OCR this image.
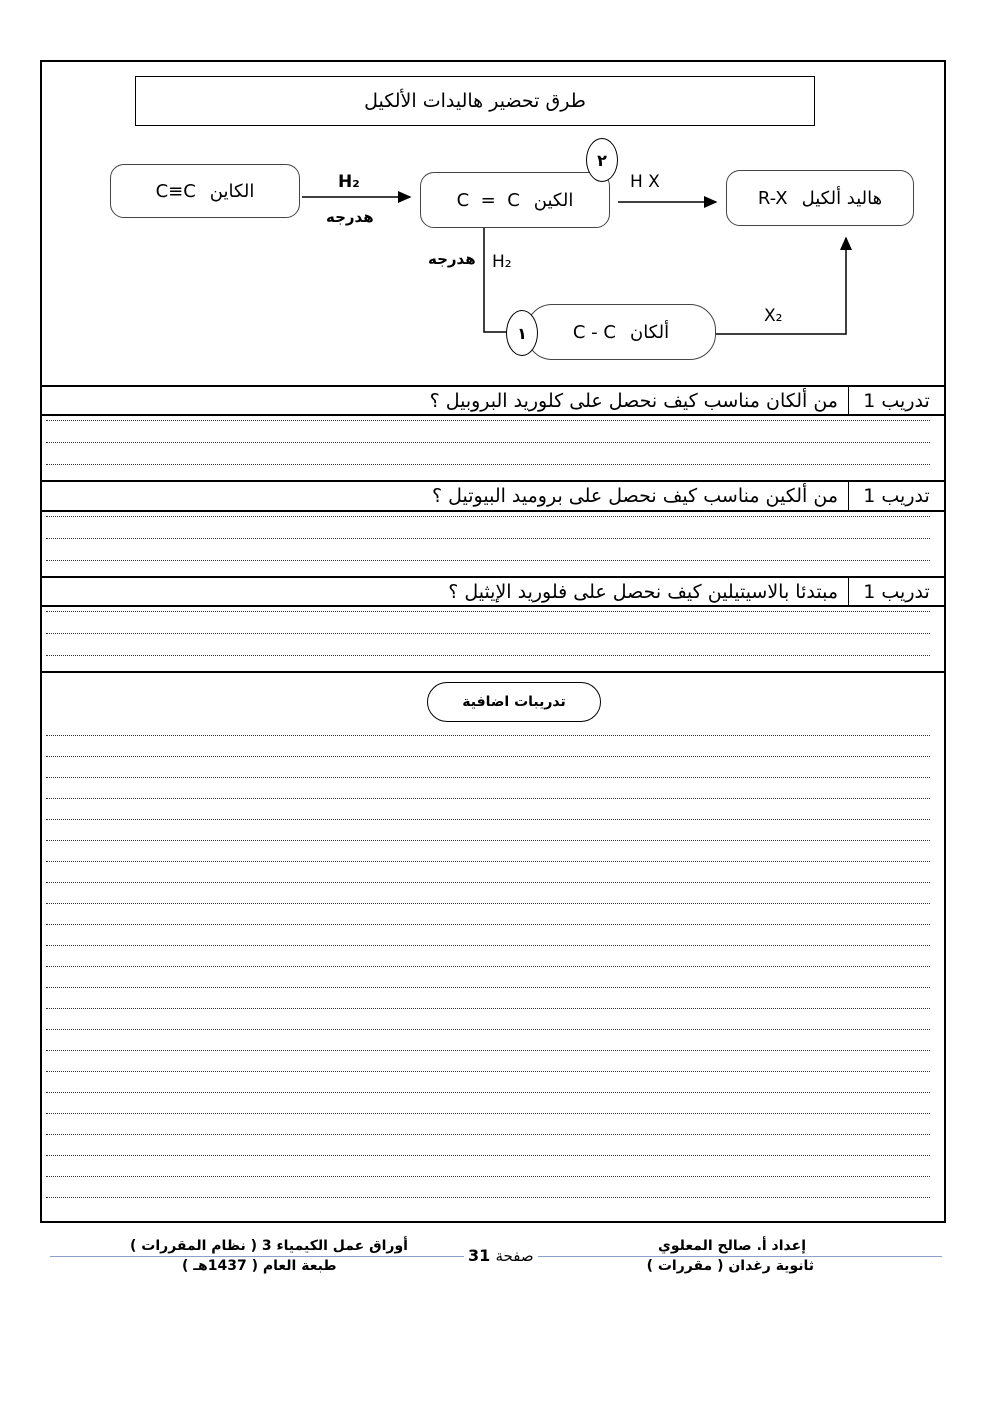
طرق تحضير هاليدات الألكيل
الكاين
C≡C	الكين
C  =  C	هاليد ألكيل
R-X
ألكان
C - C
٢
١
H₂
هدرجه
H X
H₂
هدرجه
X₂
تدريب 1
من ألكان مناسب كيف نحصل على كلوريد البروبيل ؟
تدريب 1
من ألكين مناسب كيف نحصل على بروميد البيوتيل ؟
تدريب 1
مبتدئا بالاسيتيلين كيف نحصل على فلوريد الإيثيل ؟
تدريبات اضافية
إعداد أ. صالح المعلوي
ثانوية رغدان ( مقررات )
صفحة 31
أوراق عمل الكيمياء 3 ( نظام المقررات )
طبعة العام ( 1437هـ )
